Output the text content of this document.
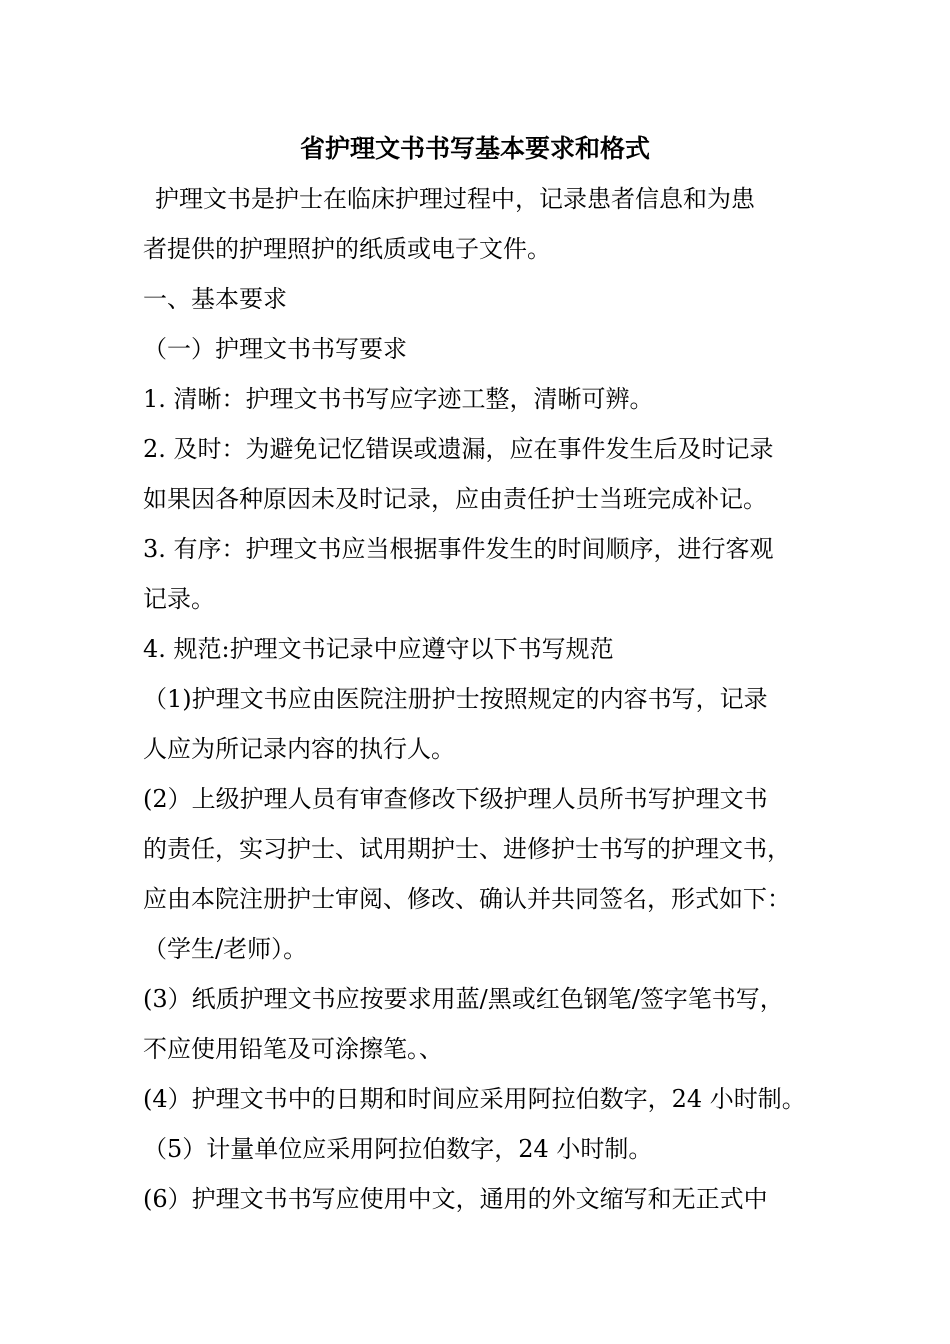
省护理文书书写基本要求和格式
护理文书是护士在临床护理过程中，记录患者信息和为患
者提供的护理照护的纸质或电子文件。
一、基本要求
（一）护理文书书写要求
1. 清晰：护理文书书写应字迹工整，清晰可辨。
2. 及时：为避免记忆错误或遗漏，应在事件发生后及时记录
如果因各种原因未及时记录，应由责任护士当班完成补记。
3. 有序：护理文书应当根据事件发生的时间顺序，进行客观
记录。
4. 规范:护理文书记录中应遵守以下书写规范
（1)护理文书应由医院注册护士按照规定的内容书写，记录
人应为所记录内容的执行人。
(2）上级护理人员有审查修改下级护理人员所书写护理文书
的责任，实习护士、试用期护士、进修护士书写的护理文书，
应由本院注册护士审阅、修改、确认并共同签名，形式如下：
（学生/老师）。
(3）纸质护理文书应按要求用蓝/黑或红色钢笔/签字笔书写，
不应使用铅笔及可涂擦笔。、
(4）护理文书中的日期和时间应采用阿拉伯数字，24 小时制。
（5）计量单位应采用阿拉伯数字，24 小时制。
(6）护理文书书写应使用中文，通用的外文缩写和无正式中
